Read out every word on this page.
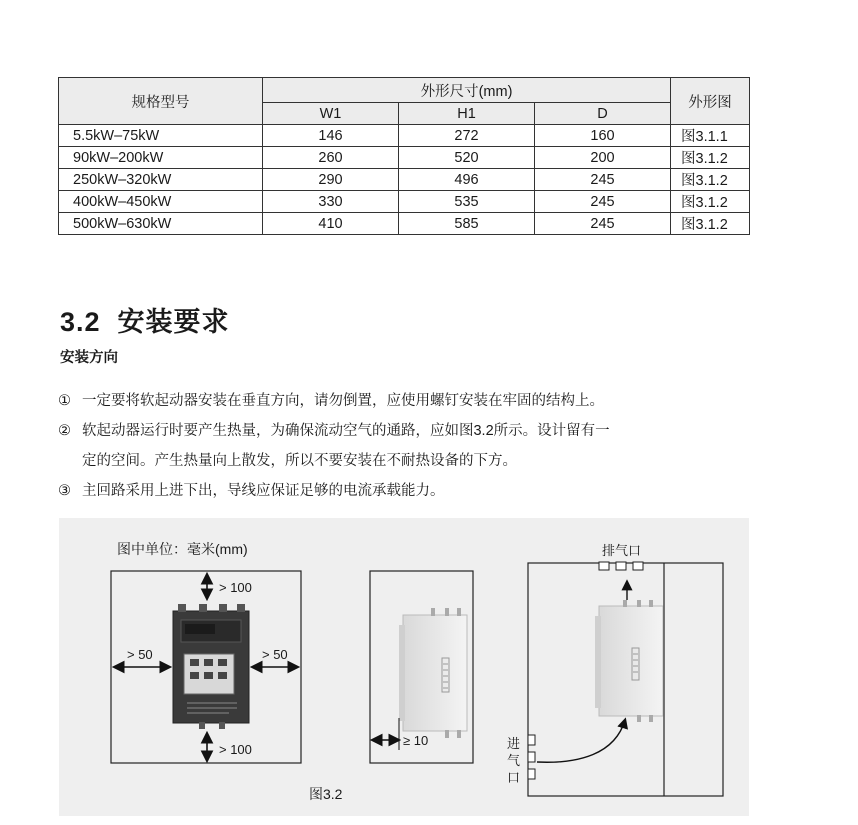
规格型号	外形尺寸(mm)			外形图
	W1	H1	D	
5.5kW–75kW	146	272	160	图3.1.1
90kW–200kW	260	520	200	图3.1.2
250kW–320kW	290	496	245	图3.1.2
400kW–450kW	330	535	245	图3.1.2
500kW–630kW	410	585	245	图3.1.2
3.2  安装要求
安装方向

① 一定要将软起动器安装在垂直方向，请勿倒置，应使用螺钉安装在牢固的结构上。

② 软起动器运行时要产生热量，为确保流动空气的通路，应如图3.2所示。设计留有一

定的空间。产生热量向上散发，所以不要安装在不耐热设备的下方。

③ 主回路采用上进下出，导线应保证足够的电流承载能力。

图中单位：毫米(mm)
> 100
> 100
> 50	> 50
≥ 10
排气口
进
气
口
图3.2
